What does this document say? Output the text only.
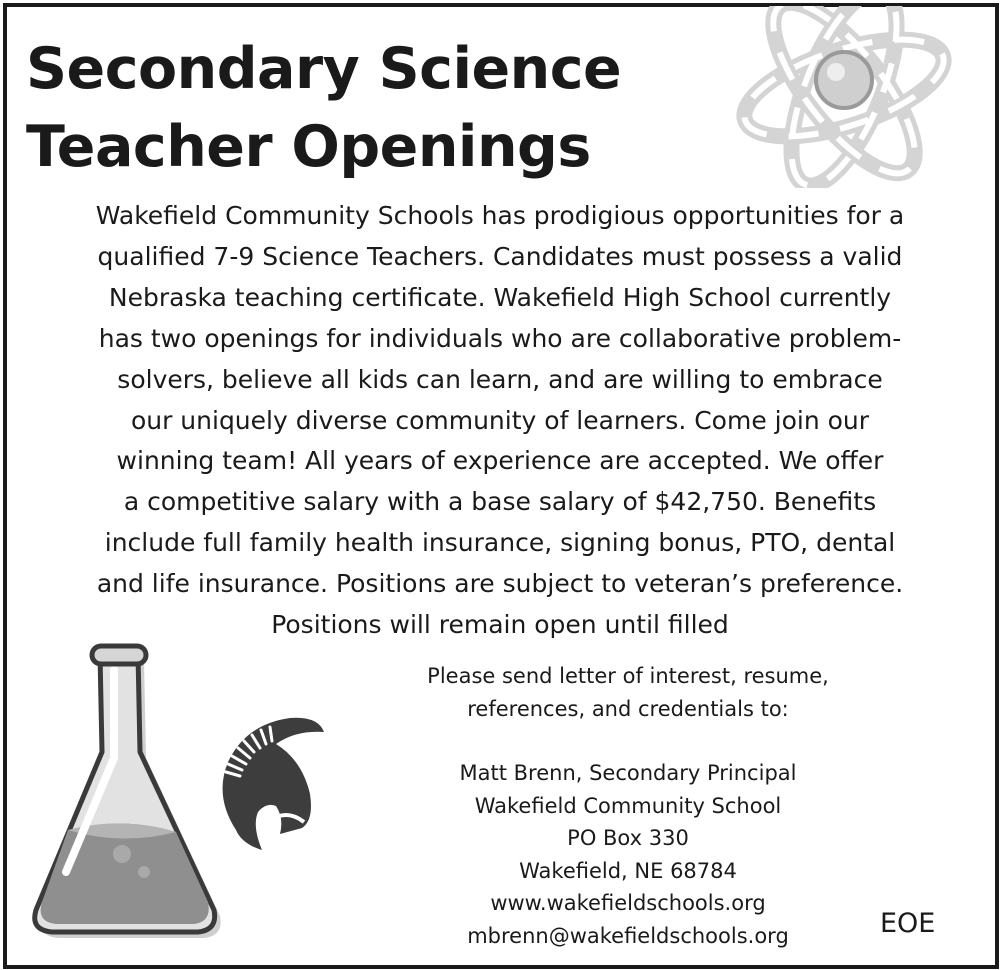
Secondary Science
Teacher Openings

Wakefield Community Schools has prodigious opportunities for a
qualified 7-9 Science Teachers. Candidates must possess a valid
Nebraska teaching certificate. Wakefield High School currently
has two openings for individuals who are collaborative problem-
solvers, believe all kids can learn, and are willing to embrace
our uniquely diverse community of learners. Come join our
winning team! All years of experience are accepted. We offer
a competitive salary with a base salary of $42,750. Benefits
include full family health insurance, signing bonus, PTO, dental
and life insurance. Positions are subject to veteran’s preference.
Positions will remain open until filled

Please send letter of interest, resume,
references, and credentials to:
Matt Brenn, Secondary Principal
Wakefield Community School
PO Box 330
Wakefield, NE 68784
www.wakefieldschools.org
mbrenn@wakefieldschools.org	EOE
